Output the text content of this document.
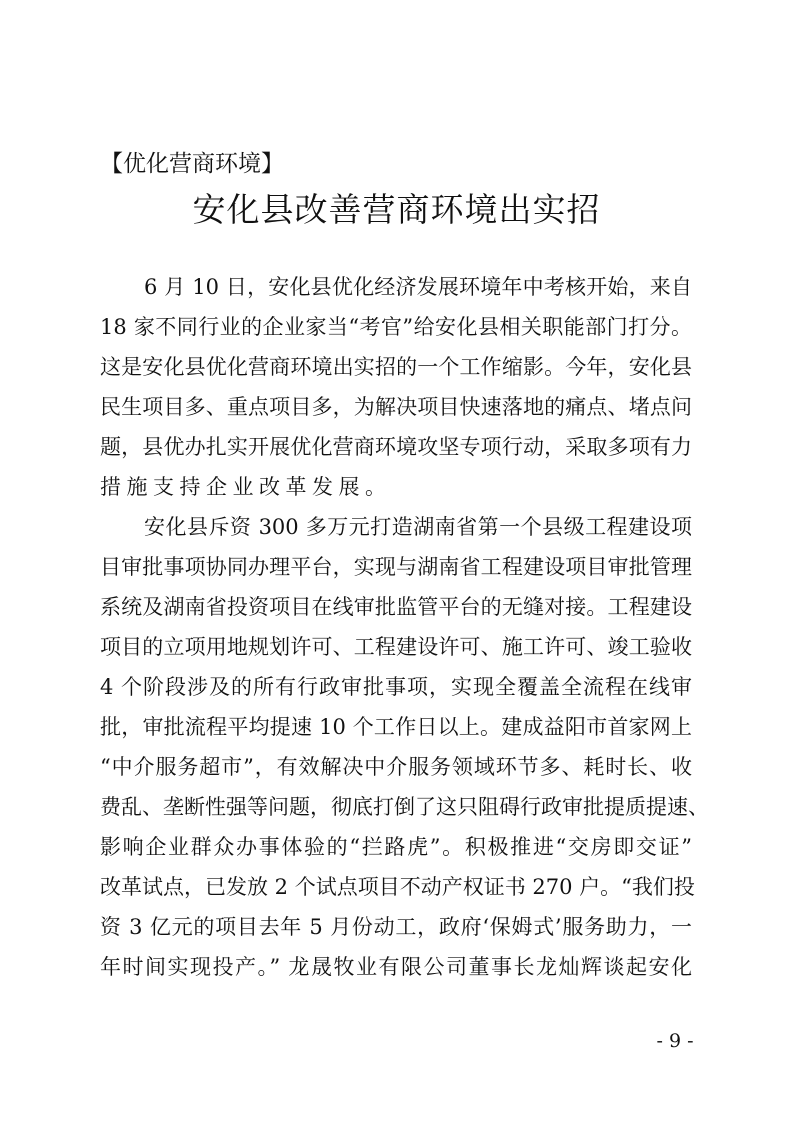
【优化营商环境】
安化县改善营商环境出实招
6 月 10 日，安化县优化经济发展环境年中考核开始，来自
18 家不同行业的企业家当“考官”给安化县相关职能部门打分。
这是安化县优化营商环境出实招的一个工作缩影。今年，安化县
民生项目多、重点项目多，为解决项目快速落地的痛点、堵点问
题，县优办扎实开展优化营商环境攻坚专项行动，采取多项有力
措施支持企业改革发展。
安化县斥资 300 多万元打造湖南省第一个县级工程建设项
目审批事项协同办理平台，实现与湖南省工程建设项目审批管理
系统及湖南省投资项目在线审批监管平台的无缝对接。工程建设
项目的立项用地规划许可、工程建设许可、施工许可、竣工验收
4 个阶段涉及的所有行政审批事项，实现全覆盖全流程在线审
批，审批流程平均提速 10 个工作日以上。建成益阳市首家网上
“中介服务超市”，有效解决中介服务领域环节多、耗时长、收
费乱、垄断性强等问题，彻底打倒了这只阻碍行政审批提质提速、
影响企业群众办事体验的“拦路虎”。积极推进“交房即交证”
改革试点，已发放 2 个试点项目不动产权证书 270 户。“我们投
资 3 亿元的项目去年 5 月份动工，政府‘保姆式’服务助力，一
年时间实现投产。” 龙晟牧业有限公司董事长龙灿辉谈起安化
- 9 -
